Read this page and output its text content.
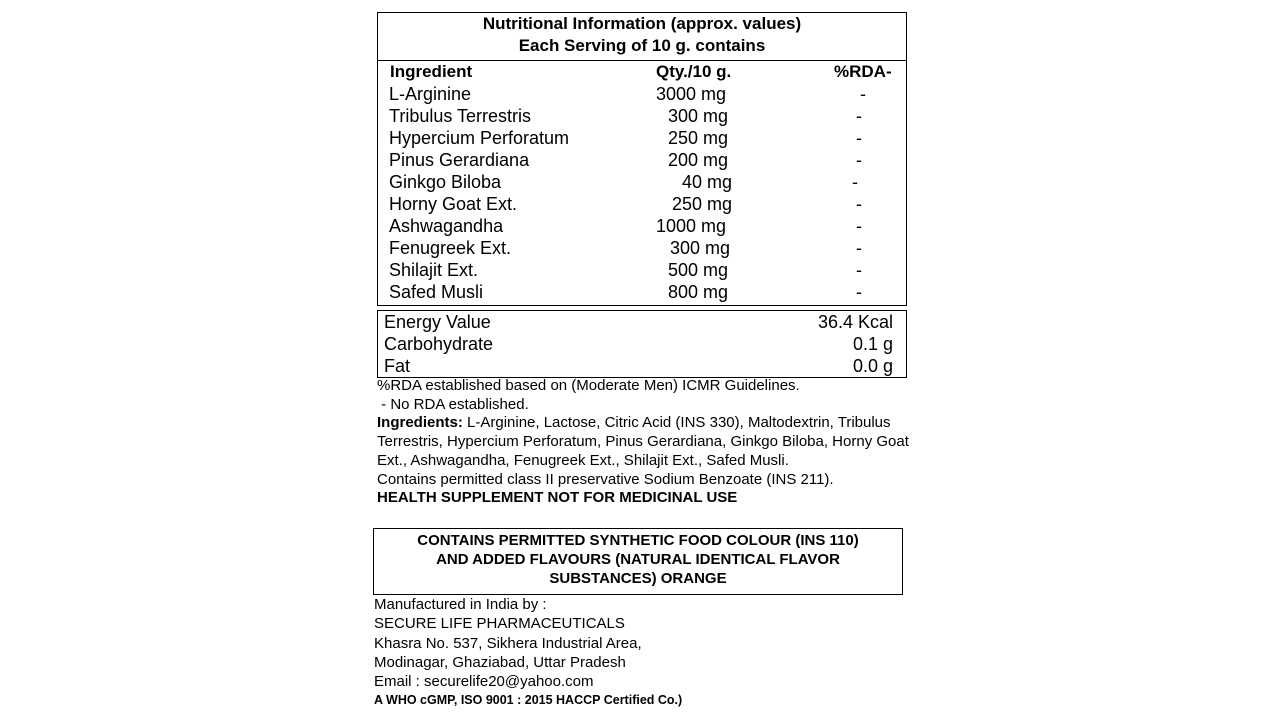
Nutritional Information (approx. values)
Each Serving of 10 g. contains
Ingredient	Qty./10 g.	%RDA-
L-Arginine	3000 mg	-
Tribulus Terrestris	300 mg	-
Hypercium Perforatum	250 mg	-
Pinus Gerardiana	200 mg	-
Ginkgo Biloba	40 mg	-
Horny Goat Ext.	250 mg	-
Ashwagandha	1000 mg	-
Fenugreek Ext.	300 mg	-
Shilajit Ext.	500 mg	-
Safed Musli	800 mg	-
Energy Value	36.4 Kcal
Carbohydrate	0.1 g
Fat	0.0 g

%RDA established based on (Moderate Men) ICMR Guidelines.

- No RDA established.

Ingredients: L-Arginine, Lactose, Citric Acid (INS 330), Maltodextrin, Tribulus Terrestris, Hypercium Perforatum, Pinus Gerardiana, Ginkgo Biloba, Horny Goat Ext., Ashwagandha, Fenugreek Ext., Shilajit Ext., Safed Musli.

Contains permitted class II preservative Sodium Benzoate (INS 211).

HEALTH SUPPLEMENT NOT FOR MEDICINAL USE

CONTAINS PERMITTED SYNTHETIC FOOD COLOUR (INS 110)
AND ADDED FLAVOURS (NATURAL IDENTICAL FLAVOR
SUBSTANCES) ORANGE

Manufactured in India by :

SECURE LIFE PHARMACEUTICALS

Khasra No. 537, Sikhera Industrial Area,

Modinagar, Ghaziabad, Uttar Pradesh

Email : securelife20@yahoo.com

A WHO cGMP, ISO 9001 : 2015 HACCP Certified Co.)
